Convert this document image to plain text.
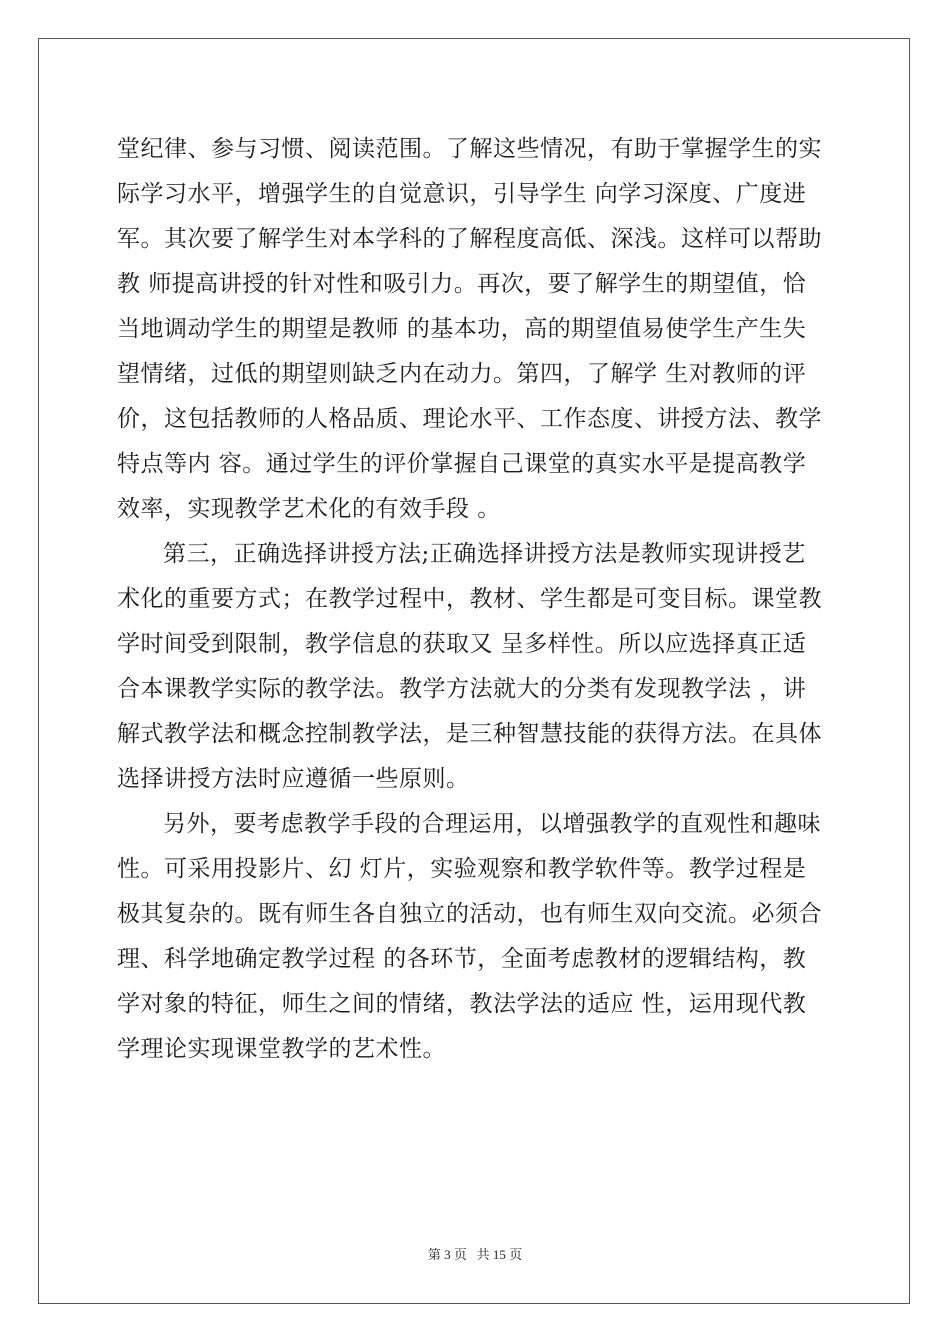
堂纪律、参与习惯、阅读范围。了解这些情况，有助于掌握学生的实
际学习水平，增强学生的自觉意识，引导学生 向学习深度、广度进
军。其次要了解学生对本学科的了解程度高低、深浅。这样可以帮助
教 师提高讲授的针对性和吸引力。再次，要了解学生的期望值，恰
当地调动学生的期望是教师 的基本功，高的期望值易使学生产生失
望情绪，过低的期望则缺乏内在动力。第四，了解学 生对教师的评
价，这包括教师的人格品质、理论水平、工作态度、讲授方法、教学
特点等内 容。通过学生的评价掌握自己课堂的真实水平是提高教学
效率，实现教学艺术化的有效手段 。
第三，正确选择讲授方法;正确选择讲授方法是教师实现讲授艺
术化的重要方式；在教学过程中，教材、学生都是可变目标。课堂教
学时间受到限制，教学信息的获取又 呈多样性。所以应选择真正适
合本课教学实际的教学法。教学方法就大的分类有发现教学法 ，讲
解式教学法和概念控制教学法，是三种智慧技能的获得方法。在具体
选择讲授方法时应遵循一些原则。
另外，要考虑教学手段的合理运用，以增强教学的直观性和趣味
性。可采用投影片、幻 灯片，实验观察和教学软件等。教学过程是
极其复杂的。既有师生各自独立的活动，也有师生双向交流。必须合
理、科学地确定教学过程 的各环节，全面考虑教材的逻辑结构，教
学对象的特征，师生之间的情绪，教法学法的适应 性，运用现代教
学理论实现课堂教学的艺术性。
第 3 页   共 15 页
